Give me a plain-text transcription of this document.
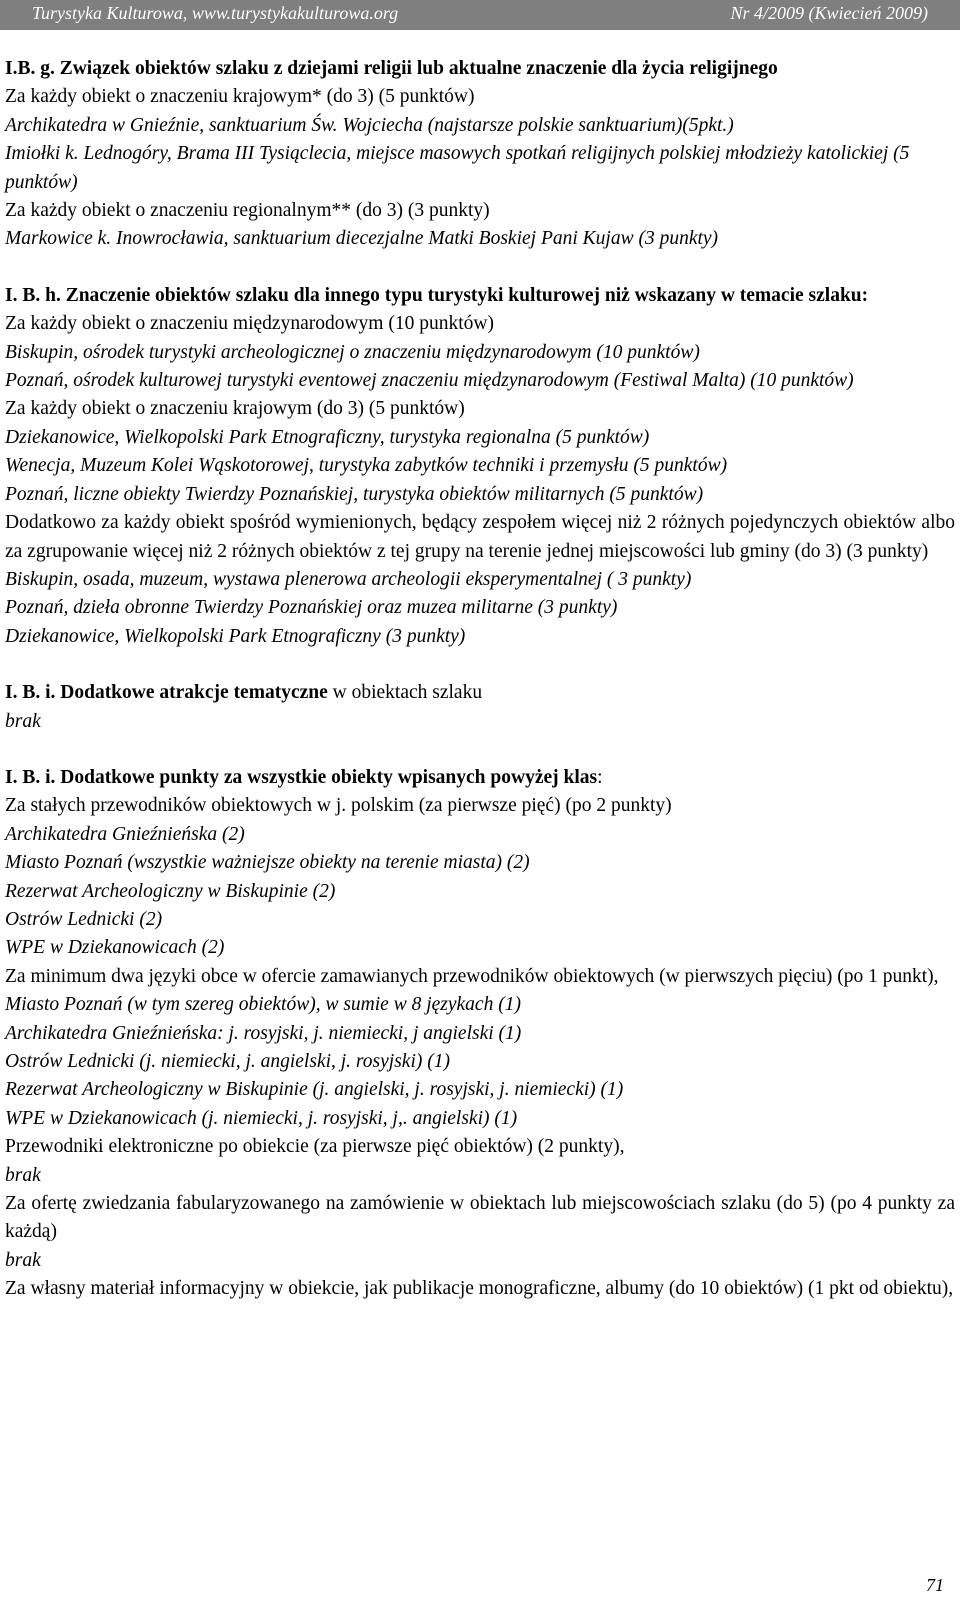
Turystyka Kulturowa, www.turystykakulturowa.org	Nr 4/2009 (Kwiecień 2009)

I.B. g. Związek obiektów szlaku z dziejami religii lub aktualne znaczenie dla życia religijnego

Za każdy obiekt o znaczeniu krajowym* (do 3) (5 punktów)

Archikatedra w Gnieźnie, sanktuarium Św. Wojciecha (najstarsze polskie sanktuarium)(5pkt.)

Imiołki k. Lednogóry, Brama III Tysiąclecia, miejsce masowych spotkań religijnych polskiej młodzieży katolickiej (5 punktów)

Za każdy obiekt o znaczeniu regionalnym** (do 3) (3 punkty)

Markowice k. Inowrocławia, sanktuarium diecezjalne Matki Boskiej Pani Kujaw (3 punkty)

I. B. h. Znaczenie obiektów szlaku dla innego typu turystyki kulturowej niż wskazany w temacie szlaku:

Za każdy obiekt o znaczeniu międzynarodowym (10 punktów)

Biskupin, ośrodek turystyki archeologicznej o znaczeniu międzynarodowym (10 punktów)

Poznań, ośrodek kulturowej turystyki eventowej znaczeniu międzynarodowym (Festiwal Malta) (10 punktów)

Za każdy obiekt o znaczeniu krajowym (do 3) (5 punktów)

Dziekanowice, Wielkopolski Park Etnograficzny, turystyka regionalna (5 punktów)

Wenecja, Muzeum Kolei Wąskotorowej, turystyka zabytków techniki i przemysłu (5 punktów)

Poznań, liczne obiekty Twierdzy Poznańskiej, turystyka obiektów militarnych (5 punktów)

Dodatkowo za każdy obiekt spośród wymienionych, będący zespołem więcej niż 2 różnych pojedynczych obiektów albo za zgrupowanie więcej niż 2 różnych obiektów z tej grupy na terenie jednej miejscowości lub gminy (do 3) (3 punkty)

Biskupin, osada, muzeum, wystawa plenerowa archeologii eksperymentalnej ( 3 punkty)

Poznań, dzieła obronne Twierdzy Poznańskiej oraz muzea militarne (3 punkty)

Dziekanowice, Wielkopolski Park Etnograficzny (3 punkty)

I. B. i. Dodatkowe atrakcje tematyczne w obiektach szlaku

brak

I. B. i. Dodatkowe punkty za wszystkie obiekty wpisanych powyżej klas:

Za stałych przewodników obiektowych w j. polskim (za pierwsze pięć) (po 2 punkty)

Archikatedra Gnieźnieńska (2)

Miasto Poznań (wszystkie ważniejsze obiekty na terenie miasta) (2)

Rezerwat Archeologiczny w Biskupinie (2)

Ostrów Lednicki (2)

WPE w Dziekanowicach (2)

Za minimum dwa języki obce w ofercie zamawianych przewodników obiektowych (w pierwszych pięciu) (po 1 punkt),

Miasto Poznań (w tym szereg obiektów), w sumie w 8 językach (1)

Archikatedra Gnieźnieńska: j. rosyjski, j. niemiecki, j angielski (1)

Ostrów Lednicki (j. niemiecki, j. angielski, j. rosyjski) (1)

Rezerwat Archeologiczny w Biskupinie (j. angielski, j. rosyjski, j. niemiecki) (1)

WPE w Dziekanowicach (j. niemiecki, j. rosyjski, j,. angielski) (1)

Przewodniki elektroniczne po obiekcie (za pierwsze pięć obiektów) (2 punkty),

brak

Za ofertę zwiedzania fabularyzowanego na zamówienie w obiektach lub miejscowościach szlaku (do 5) (po 4 punkty za każdą)

brak

Za własny materiał informacyjny w obiekcie, jak publikacje monograficzne, albumy (do 10 obiektów) (1 pkt od obiektu),

71
